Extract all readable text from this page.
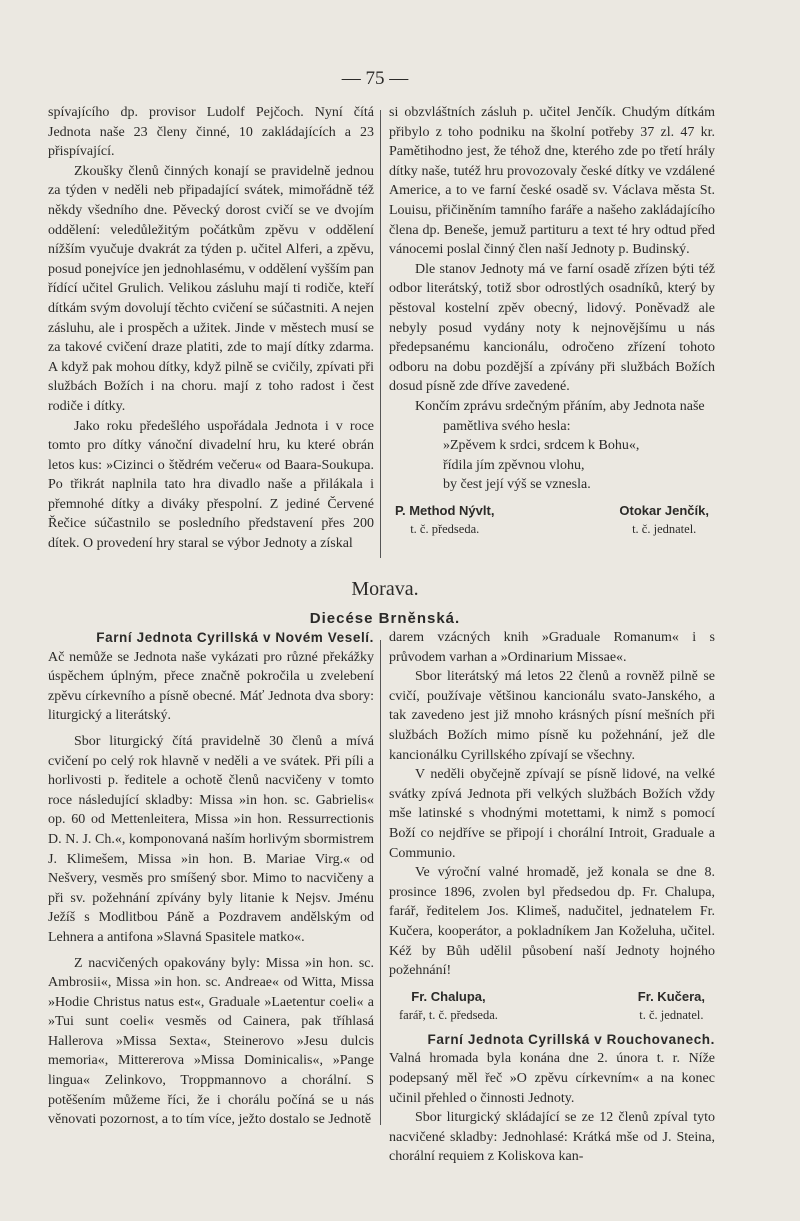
— 75 —

spívajícího dp. provisor Ludolf Pejčoch. Nyní čítá Jednota naše 23 členy činné, 10 zakládajících a 23 přispívající.

Zkoušky členů činných konají se pravidelně jednou za týden v neděli neb připadající svátek, mimořádně též někdy všedního dne. Pěvecký dorost cvičí se ve dvojím oddělení: veledůležitým počátkům zpěvu v oddělení nížším vyučuje dvakrát za týden p. učitel Alferi, a zpěvu, posud ponejvíce jen jednohlasému, v oddělení vyšším pan řídící učitel Grulich. Velikou zásluhu mají ti rodiče, kteří dítkám svým dovolují těchto cvičení se súčastniti. A nejen zásluhu, ale i prospěch a užitek. Jinde v městech musí se za takové cvičení draze platiti, zde to mají dítky zdarma. A když pak mohou dítky, když pilně se cvičily, zpívati při službách Božích i na choru. mají z toho radost i čest rodiče i dítky.

Jako roku předešlého uspořádala Jednota i v roce tomto pro dítky vánoční divadelní hru, ku které obrán letos kus: »Cizinci o štědrém večeru« od Baara-Soukupa. Po třikrát naplnila tato hra divadlo naše a přilákala i přemnohé dítky a diváky přespolní. Z jediné Červené Řečice súčastnilo se posledního představení přes 200 dítek. O provedení hry staral se výbor Jednoty a získal

si obzvláštních zásluh p. učitel Jenčík. Chudým dítkám přibylo z toho podniku na školní potřeby 37 zl. 47 kr. Pamětihodno jest, že téhož dne, kterého zde po třetí hrály dítky naše, tutéž hru provozovaly české dítky ve vzdálené Americe, a to ve farní české osadě sv. Václava města St. Louisu, přičiněním tamního faráře a našeho zakládajícího člena dp. Beneše, jemuž partituru a text té hry odtud před vánocemi poslal činný člen naší Jednoty p. Budinský.

Dle stanov Jednoty má ve farní osadě zřízen býti též odbor literátský, totiž sbor odrostlých osadníků, který by pěstoval kostelní zpěv obecný, lidový. Poněvadž ale nebyly posud vydány noty k nejnovějšímu u nás předepsanému kancionálu, odročeno zřízení tohoto odboru na dobu pozdější a zpívány při službách Božích dosud písně zde dříve zavedené.

Končím zprávu srdečným přáním, aby Jednota naše

pamětliva svého hesla:
»Zpěvem k srdci, srdcem k Bohu«,
řídila jím zpěvnou vlohu,
by čest její výš se vznesla.
P. Method Nývlt,
t. č. předseda.
Otokar Jenčík,
t. č. jednatel.
Morava.
Diecése Brněnská.
Farní Jednota Cyrillská v Novém Veselí.

Ač nemůže se Jednota naše vykázati pro různé překážky úspěchem úplným, přece značně pokročila u zvelebení zpěvu církevního a písně obecné. Máť Jednota dva sbory: liturgický a literátský.

Sbor liturgický čítá pravidelně 30 členů a mívá cvičení po celý rok hlavně v neděli a ve svátek. Při píli a horlivosti p. ředitele a ochotě členů nacvičeny v tomto roce následující skladby: Missa »in hon. sc. Gabrielis« op. 60 od Mettenleitera, Missa »in hon. Ressurrectionis D. N. J. Ch.«, komponovaná naším horlivým sbormistrem J. Klimešem, Missa »in hon. B. Mariae Virg.« od Nešvery, vesměs pro smíšený sbor. Mimo to nacvičeny a při sv. požehnání zpívány byly litanie k Nejsv. Jménu Ježíš s Modlitbou Páně a Pozdravem andělským od Lehnera a antifona »Slavná Spasitele matko«.

Z nacvičených opakovány byly: Missa »in hon. sc. Ambrosii«, Missa »in hon. sc. Andreae« od Witta, Missa »Hodie Christus natus est«, Graduale »Laetentur coeli« a »Tui sunt coeli« vesměs od Cainera, pak tříhlasá Hallerova »Missa Sexta«, Steinerovo »Jesu dulcis memoria«, Mittererova »Missa Dominicalis«, »Pange lingua« Zelinkovo, Troppmannovo a chorální. S potěšením můžeme říci, že i chorálu počíná se u nás věnovati pozornost, a to tím více, ježto dostalo se Jednotě

darem vzácných knih »Graduale Romanum« i s průvodem varhan a »Ordinarium Missae«.

Sbor literátský má letos 22 členů a rovněž pilně se cvičí, používaje většinou kancionálu svato-Janského, a tak zavedeno jest již mnoho krásných písní mešních při službách Božích mimo písně ku požehnání, jež dle kancionálku Cyrillského zpívají se všechny.

V neděli obyčejně zpívají se písně lidové, na velké svátky zpívá Jednota při velkých službách Božích vždy mše latinské s vhodnými motettami, k nimž s pomocí Boží co nejdříve se připojí i chorální Introit, Graduale a Communio.

Ve výroční valné hromadě, jež konala se dne 8. prosince 1896, zvolen byl předsedou dp. Fr. Chalupa, farář, ředitelem Jos. Klimeš, nadučitel, jednatelem Fr. Kučera, kooperátor, a pokladníkem Jan Koželuha, učitel. Kéž by Bůh udělil působení naší Jednoty hojného požehnání!

Fr. Chalupa,
farář, t. č. předseda.
Fr. Kučera,
t. č. jednatel.
Farní Jednota Cyrillská v Rouchovanech.

Valná hromada byla konána dne 2. února t. r. Níže podepsaný měl řeč »O zpěvu církevním« a na konec učinil přehled o činnosti Jednoty.

Sbor liturgický skládající se ze 12 členů zpíval tyto nacvičené skladby: Jednohlasé: Krátká mše od J. Steina, chorální requiem z Koliskova kan-
